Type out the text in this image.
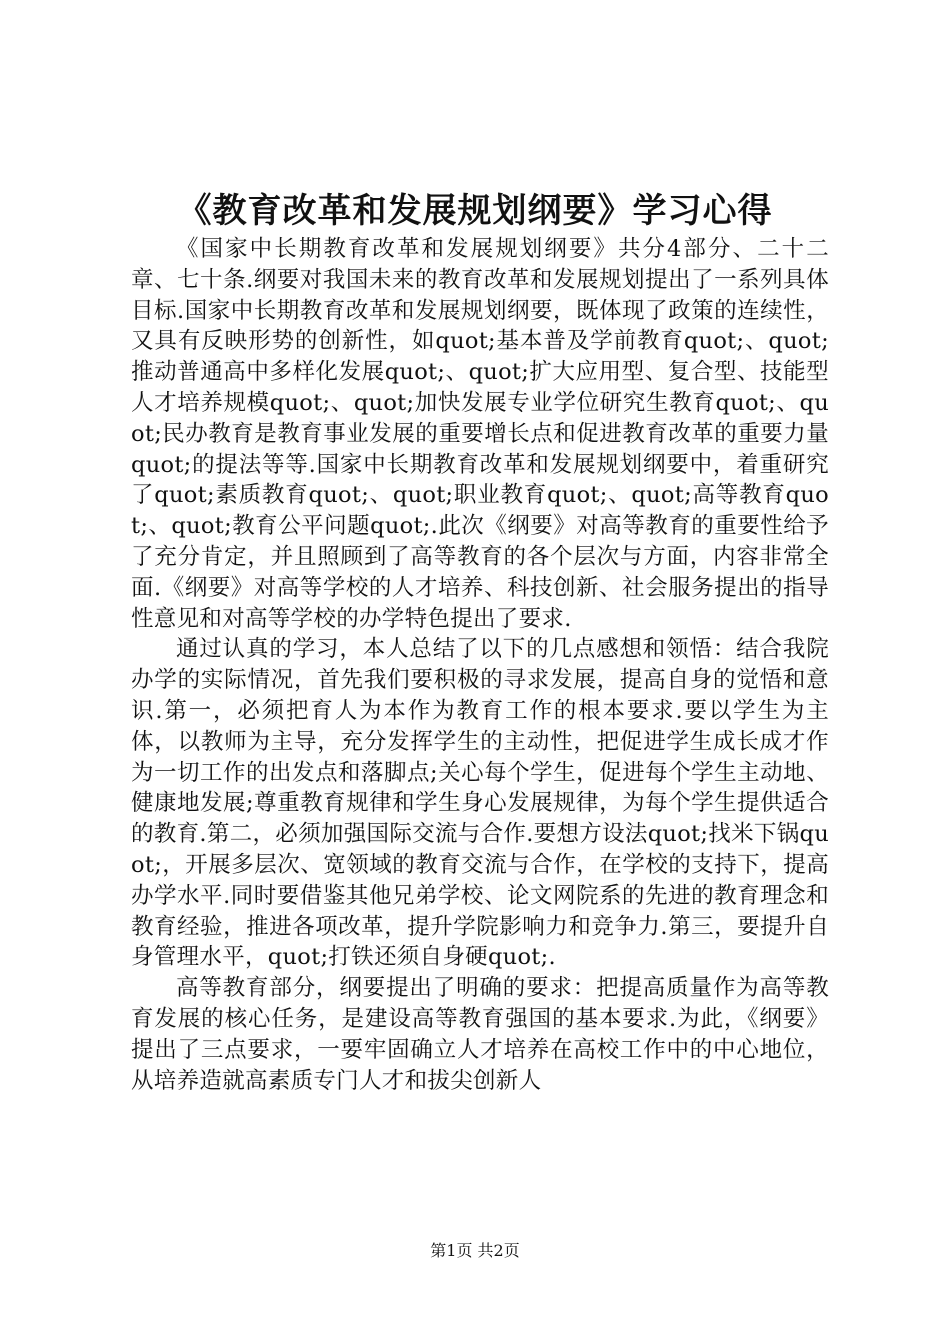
《教育改革和发展规划纲要》学习心得

《国家中长期教育改革和发展规划纲要》共分4部分、二十二章、七十条.纲要对我国未来的教育改革和发展规划提出了一系列具体目标.国家中长期教育改革和发展规划纲要，既体现了政策的连续性，又具有反映形势的创新性，如quot;基本普及学前教育quot;、quot;推动普通高中多样化发展quot;、quot;扩大应用型、复合型、技能型人才培养规模quot;、quot;加快发展专业学位研究生教育quot;、quot;民办教育是教育事业发展的重要增长点和促进教育改革的重要力量quot;的提法等等.国家中长期教育改革和发展规划纲要中，着重研究了quot;素质教育quot;、quot;职业教育quot;、quot;高等教育quot;、quot;教育公平问题quot;.此次《纲要》对高等教育的重要性给予了充分肯定，并且照顾到了高等教育的各个层次与方面，内容非常全面.《纲要》对高等学校的人才培养、科技创新、社会服务提出的指导性意见和对高等学校的办学特色提出了要求.

通过认真的学习，本人总结了以下的几点感想和领悟：结合我院办学的实际情况，首先我们要积极的寻求发展，提高自身的觉悟和意识.第一，必须把育人为本作为教育工作的根本要求.要以学生为主体，以教师为主导，充分发挥学生的主动性，把促进学生成长成才作为一切工作的出发点和落脚点;关心每个学生，促进每个学生主动地、健康地发展;尊重教育规律和学生身心发展规律，为每个学生提供适合的教育.第二，必须加强国际交流与合作.要想方设法quot;找米下锅quot;，开展多层次、宽领域的教育交流与合作，在学校的支持下，提高办学水平.同时要借鉴其他兄弟学校、论文网院系的先进的教育理念和教育经验，推进各项改革，提升学院影响力和竞争力.第三，要提升自身管理水平，quot;打铁还须自身硬quot;.

高等教育部分，纲要提出了明确的要求：把提高质量作为高等教育发展的核心任务，是建设高等教育强国的基本要求.为此，《纲要》提出了三点要求，一要牢固确立人才培养在高校工作中的中心地位，从培养造就高素质专门人才和拔尖创新人

第1页 共2页
